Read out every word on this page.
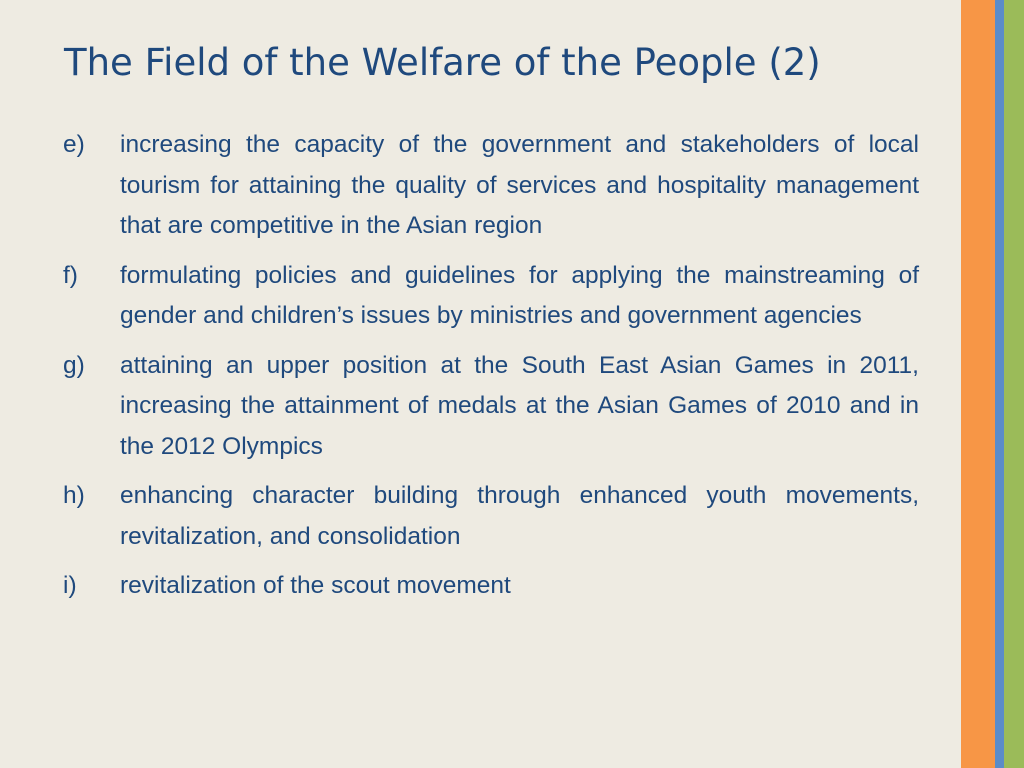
The Field of the Welfare of the People (2)
e)	increasing the capacity of the government and stakeholders of local tourism for attaining the quality of services and hospitality management that are competitive in the Asian region
f)	formulating policies and guidelines for applying the mainstreaming of gender and children’s issues by ministries and government agencies
g)	attaining an upper position at the South East Asian Games in 2011, increasing the attainment of medals at the Asian Games of 2010 and in the 2012 Olympics
h)	enhancing character building through enhanced youth movements, revitalization, and consolidation
i)	revitalization of the scout movement
